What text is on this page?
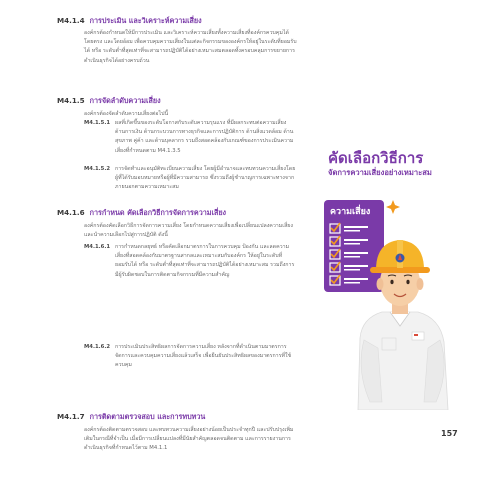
M4.1.4 การประเมิน และวิเคราะห์ความเสี่ยง

องค์กรต้องกำหนดให้มีการประเมิน และวิเคราะห์ความเสี่ยงทั้งความเสี่ยงที่องค์กรควบคุมได้โดยตรง และโดยอ้อม เพื่อควบคุมความเสี่ยงในแต่ละกิจกรรมขององค์กรให้อยู่ในระดับที่ยอมรับได้ หรือ ระดับต่ำที่สุดเท่าที่จะสามารถปฏิบัติได้อย่างเหมาะสมตลอดทั้งครอบคลุมการขยายการดำเนินธุรกิจได้อย่างครบถ้วน

M4.1.5 การจัดลำดับความเสี่ยง

องค์กรต้องจัดลำดับความเสี่ยงต่อไปนี้

M4.1.5.1 ผลที่เกิดขึ้นของระดับโอกาสกับระดับความรุนแรง ที่มีผลกระทบต่อความเสี่ยงด้านการเงิน ด้านกระบวนการทางธุรกิจและการปฏิบัติการ ด้านสิ่งแวดล้อม ด้านสุขภาพ คู่ค้า และด้านบุคลากร รวมถึงสอดคล้องกับเกณฑ์ของการประเมินความเสี่ยงที่กำหนดตาม M4.1.3.5

M4.1.5.2 การจัดทำและอนุมัติทะเบียนความเสี่ยง โดยผู้มีอำนาจและทบทวนความเสี่ยงโดยผู้ที่ได้รับมอบหมายหรือผู้ที่มีความสามารถ ซึ่งรวมถึงผู้ชำนาญการเฉพาะทางจากภายนอกตามความเหมาะสม

M4.1.6 การกำหนด คัดเลือกวิธีการจัดการความเสี่ยง

องค์กรต้องคัดเลือกวิธีการจัดการความเสี่ยง โดยกำหนดความเสี่ยงเพื่อเปลี่ยนแปลงความเสี่ยง และนำความเลือกไปสู่การปฏิบัติ ดังนี้

M4.1.6.1 การกำหนดกลยุทธ์ หรือคัดเลือกมาตรการในการควบคุม ป้องกัน และลดความเสี่ยงที่สอดคล้องกับมาตรฐานสากลและเหมาะสมกับองค์กร ให้อยู่ในระดับที่ยอมรับได้ หรือ ระดับต่ำที่สุดเท่าที่จะสามารถปฏิบัติได้อย่างเหมาะสม รวมถึงการมีผู้รับผิดชอบในการติดตามกิจกรรมที่มีความสำคัญ

M4.1.6.2 การประเมินประสิทธิผลการจัดการความเสี่ยง หลังจากที่ดำเนินตามมาตรการจัดการและควบคุมความเสี่ยงแล้วเสร็จ เพื่อยืนยันประสิทธิผลของมาตรการที่ใช้ควบคุม

M4.1.7 การติดตามตรวจสอบ และการทบทวน

องค์กรต้องติดตามตรวจสอบ และทบทวนความเสี่ยงอย่างน้อยเป็นประจำทุกปี และปรับปรุงเพิ่มเติมในกรณีที่จำเป็น เมื่อมีการเปลี่ยนแปลงที่มีนัยสำคัญตลอดจนติดตาม และการรายงานการดำเนินธุรกิจที่กำหนดไว้ตาม M4.1.1

คัดเลือกวิธีการ
จัดการความเสี่ยงอย่างเหมาะสม
ความเสี่ยง
157
